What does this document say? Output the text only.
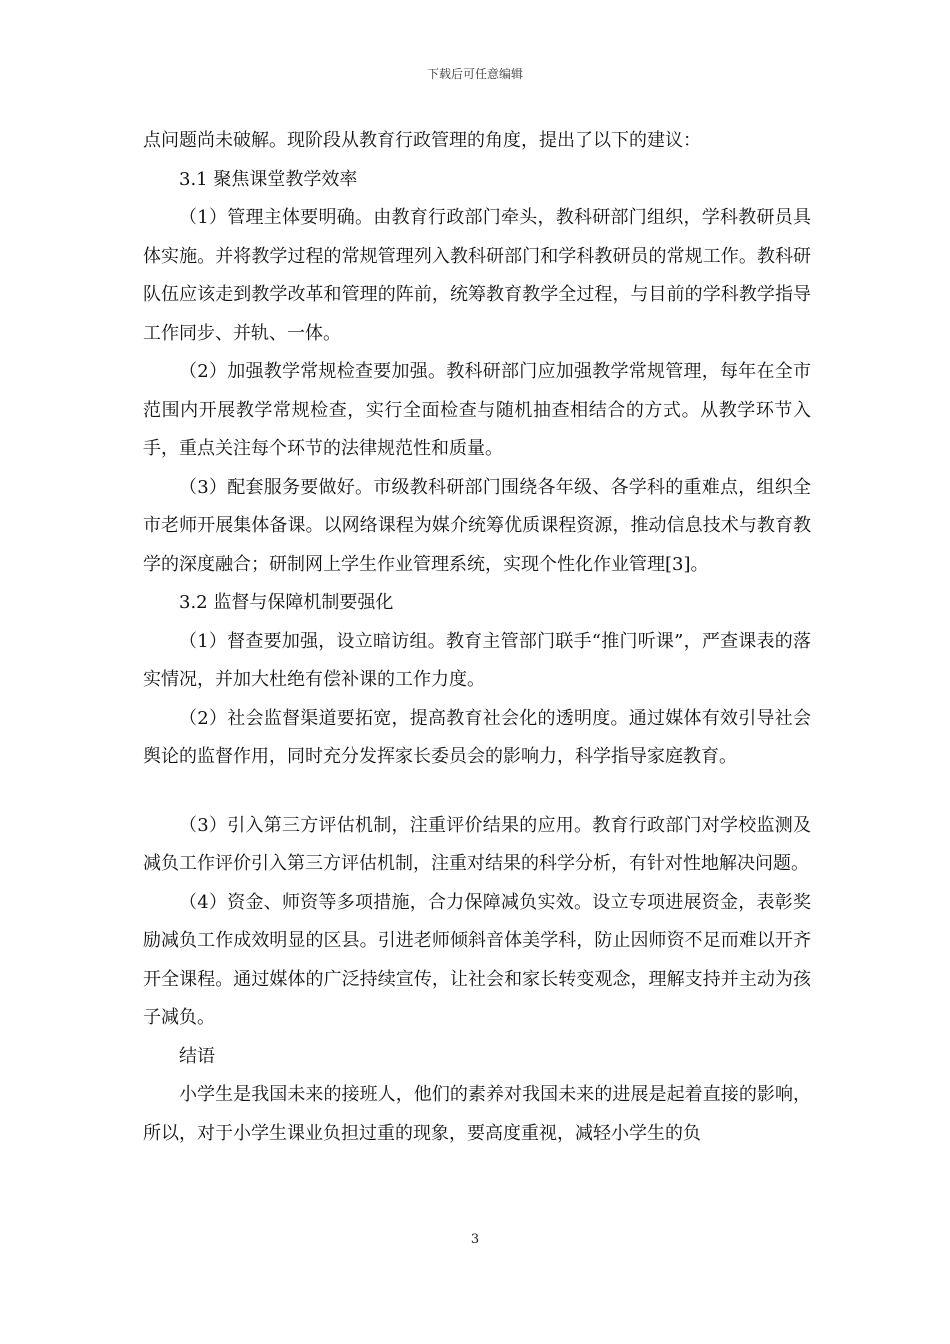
下载后可任意编辑

点问题尚未破解。现阶段从教育行政管理的角度，提出了以下的建议：

3.1 聚焦课堂教学效率

（1）管理主体要明确。由教育行政部门牵头，教科研部门组织，学科教研员具体实施。并将教学过程的常规管理列入教科研部门和学科教研员的常规工作。教科研队伍应该走到教学改革和管理的阵前，统筹教育教学全过程，与目前的学科教学指导工作同步、并轨、一体。

（2）加强教学常规检查要加强。教科研部门应加强教学常规管理，每年在全市范围内开展教学常规检查，实行全面检查与随机抽查相结合的方式。从教学环节入手，重点关注每个环节的法律规范性和质量。

（3）配套服务要做好。市级教科研部门围绕各年级、各学科的重难点，组织全市老师开展集体备课。以网络课程为媒介统筹优质课程资源，推动信息技术与教育教学的深度融合；研制网上学生作业管理系统，实现个性化作业管理[3]。

3.2 监督与保障机制要强化

（1）督查要加强，设立暗访组。教育主管部门联手“推门听课”，严查课表的落实情况，并加大杜绝有偿补课的工作力度。

（2）社会监督渠道要拓宽，提高教育社会化的透明度。通过媒体有效引导社会舆论的监督作用，同时充分发挥家长委员会的影响力，科学指导家庭教育。

（3）引入第三方评估机制，注重评价结果的应用。教育行政部门对学校监测及减负工作评价引入第三方评估机制，注重对结果的科学分析，有针对性地解决问题。

（4）资金、师资等多项措施，合力保障减负实效。设立专项进展资金，表彰奖励减负工作成效明显的区县。引进老师倾斜音体美学科，防止因师资不足而难以开齐开全课程。通过媒体的广泛持续宣传，让社会和家长转变观念，理解支持并主动为孩子减负。

结语

小学生是我国未来的接班人，他们的素养对我国未来的进展是起着直接的影响，所以，对于小学生课业负担过重的现象，要高度重视，减轻小学生的负

3
